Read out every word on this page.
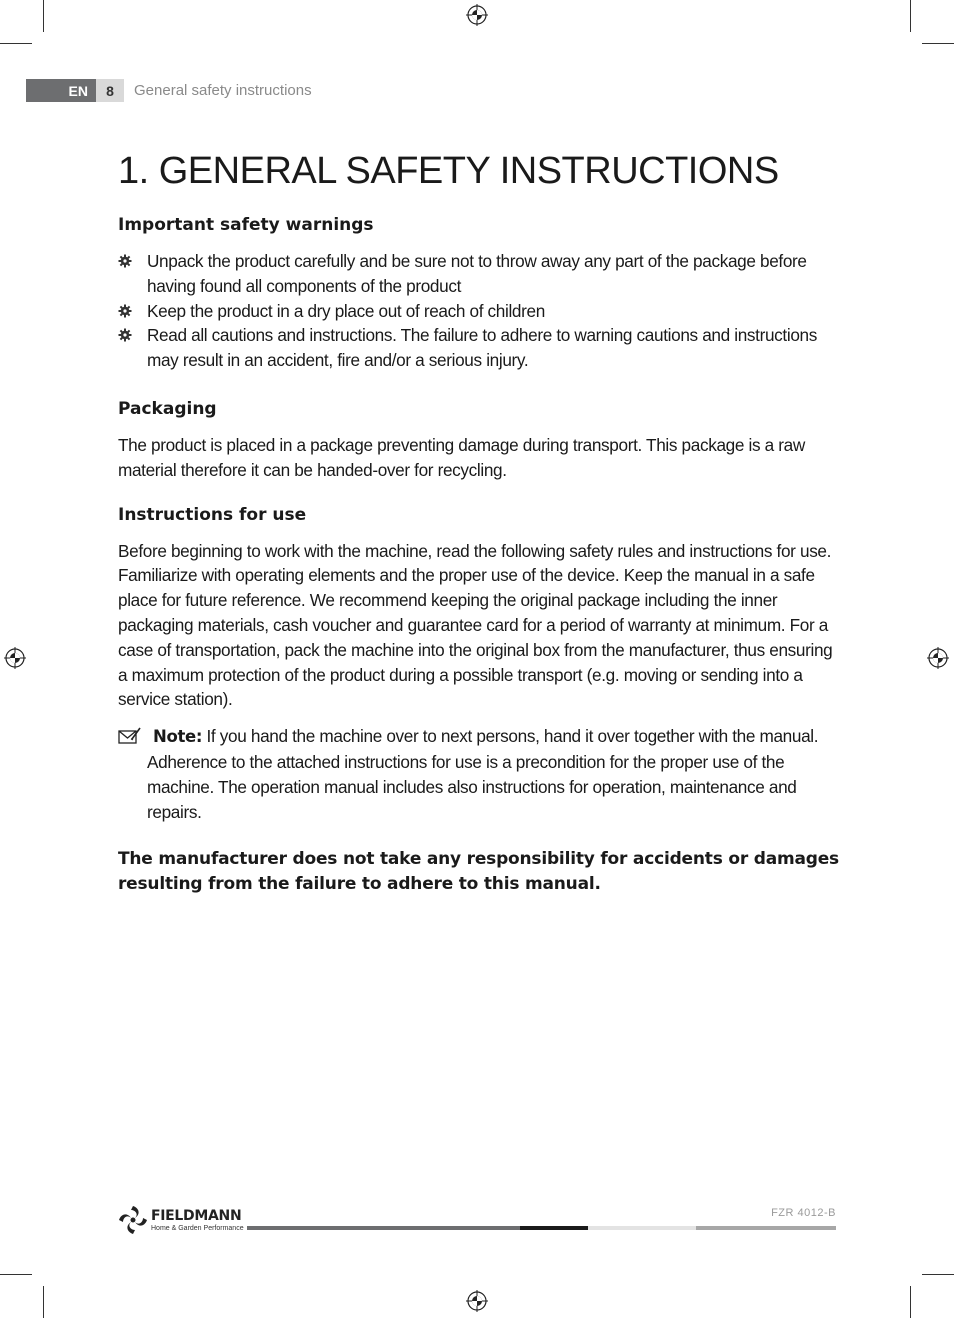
EN	8	General safety instructions
1. GENERAL SAFETY INSTRUCTIONS
Important safety warnings
Unpack the product carefully and be sure not to throw away any part of the package before having found all components of the product
Keep the product in a dry place out of reach of children
Read all cautions and instructions. The failure to adhere to warning cautions and instructions may result in an accident, fire and/or a serious injury.
Packaging

The product is placed in a package preventing damage during transport. This package is a raw material therefore it can be handed-over for recycling.

Instructions for use

Before beginning to work with the machine, read the following safety rules and instructions for use. Familiarize with operating elements and the proper use of the device. Keep the manual in a safe place for future reference. We recommend keeping the original package including the inner packaging materials, cash voucher and guarantee card for a period of warranty at minimum. For a case of transportation, pack the machine into the original box from the manufacturer, thus ensuring a maximum protection of the product during a possible transport (e.g. moving or sending into a service station).

Note: If you hand the machine over to next persons, hand it over together with the manual. Adherence to the attached instructions for use is a precondition for the proper use of the machine. The operation manual includes also instructions for operation, maintenance and repairs.

The manufacturer does not take any responsibility for accidents or damages resulting from the failure to adhere to this manual.

FIELDMANN
Home & Garden Performance
FZR 4012-B
